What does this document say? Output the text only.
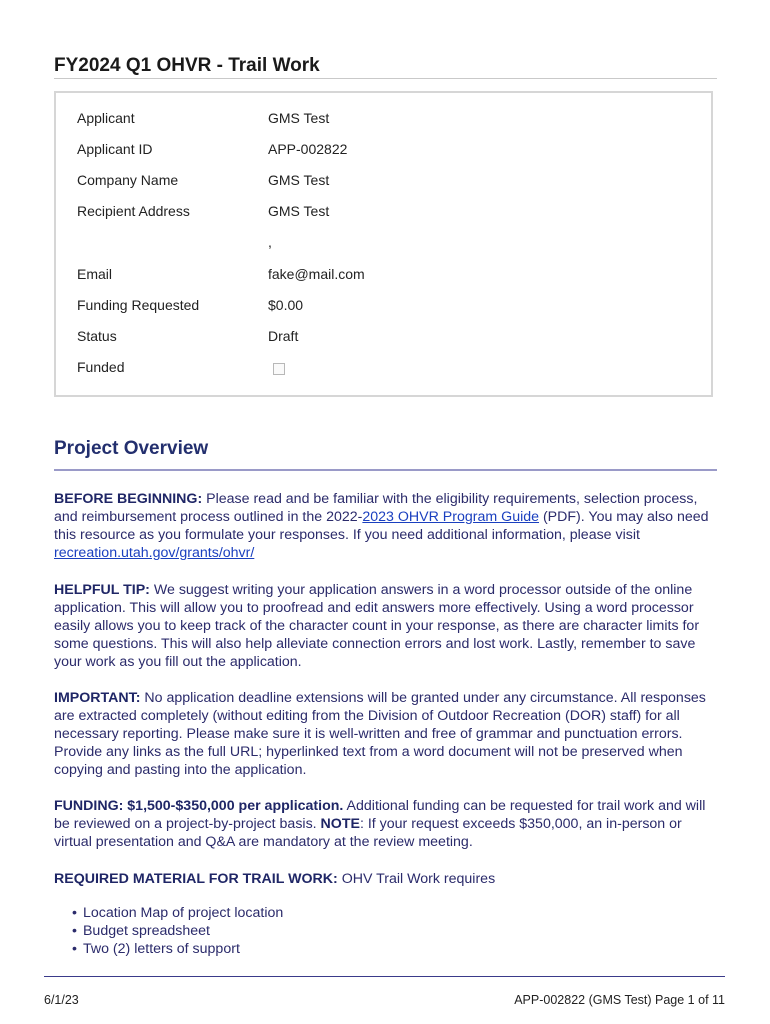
FY2024 Q1 OHVR - Trail Work
Applicant	GMS Test
Applicant ID	APP-002822
Company Name	GMS Test
Recipient Address	GMS Test
,
Email	fake@mail.com
Funding Requested	$0.00
Status	Draft
Funded
Project Overview
BEFORE BEGINNING: Please read and be familiar with the eligibility requirements, selection process, and reimbursement process outlined in the 2022-2023 OHVR Program Guide (PDF). You may also need this resource as you formulate your responses. If you need additional information, please visit recreation.utah.gov/grants/ohvr/
HELPFUL TIP: We suggest writing your application answers in a word processor outside of the online application. This will allow you to proofread and edit answers more effectively. Using a word processor easily allows you to keep track of the character count in your response, as there are character limits for some questions. This will also help alleviate connection errors and lost work. Lastly, remember to save your work as you fill out the application.
IMPORTANT: No application deadline extensions will be granted under any circumstance. All responses are extracted completely (without editing from the Division of Outdoor Recreation (DOR) staff) for all necessary reporting. Please make sure it is well-written and free of grammar and punctuation errors. Provide any links as the full URL; hyperlinked text from a word document will not be preserved when copying and pasting into the application.
FUNDING: $1,500-$350,000 per application. Additional funding can be requested for trail work and will be reviewed on a project-by-project basis. NOTE: If your request exceeds $350,000, an in-person or virtual presentation and Q&A are mandatory at the review meeting.
REQUIRED MATERIAL FOR TRAIL WORK: OHV Trail Work requires
• Location Map of project location
• Budget spreadsheet
• Two (2) letters of support
6/1/23	APP-002822 (GMS Test) Page 1 of 11
